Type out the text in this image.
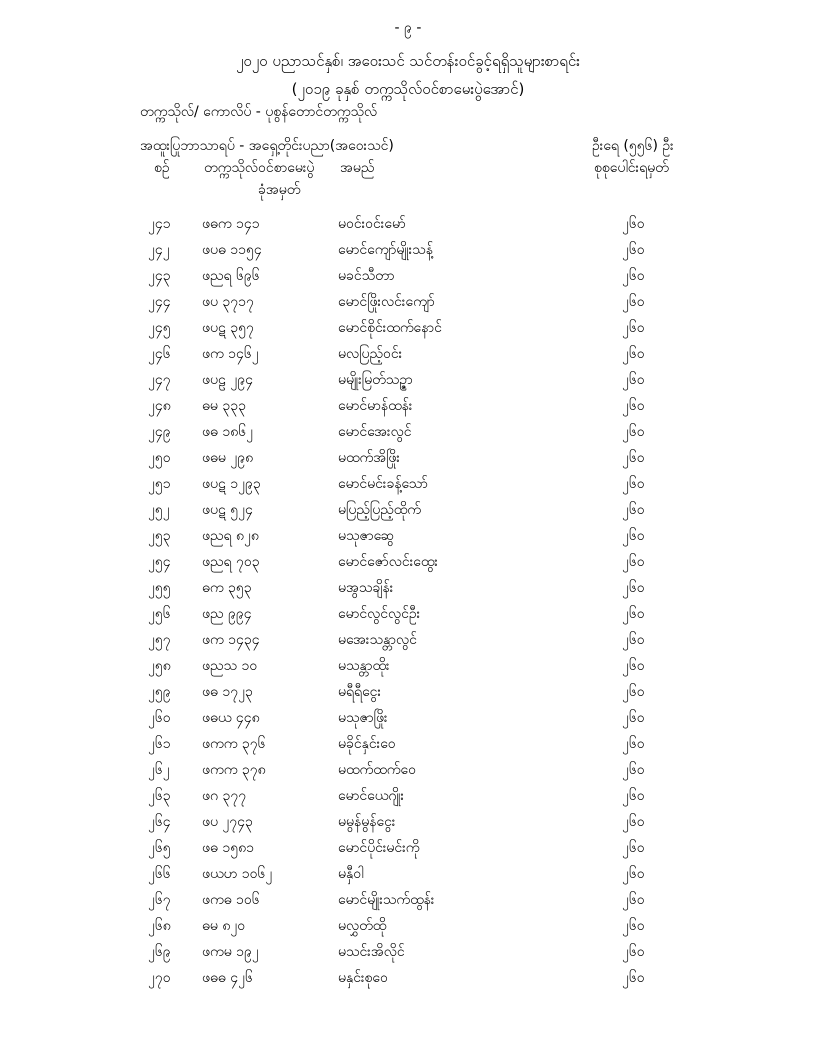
- ၉ -
၂၀၂၀ ပညာသင်နှစ်၊ အဝေးသင် သင်တန်းဝင်ခွင့်ရရှိသူများစာရင်း
(၂၀၁၉ ခုနှစ် တက္ကသိုလ်ဝင်စာမေးပွဲအောင်)
တက္ကသိုလ်/ ကောလိပ် - ပုစွန်တောင်တက္ကသိုလ်
အထူးပြုဘာသာရပ် - အရှေ့တိုင်းပညာ(အဝေးသင်)	ဦးရေ (၅၅၆) ဦး
စဉ် တက္ကသိုလ်ဝင်စာမေးပွဲ
ခုံအမှတ်
အမည်	စုစုပေါင်းရမှတ်
၂၄၁ ဖဓက ၁၄၁	မဝင်းဝင်းမော်	၂၆၀
၂၄၂ ဖပဓ ၁၁၅၄	မောင်ကျော်မျိုးသန့်	၂၆၀
၂၄၃ ဖညရ ၆၉၆	မခင်သီတာ	၂၆၀
၂၄၄ ဖပ ၃၇၁၇	မောင်ဖြိုးလင်းကျော်	၂၆၀
၂၄၅ ဖပဋ ၃၅၇	မောင်စိုင်းထက်နောင်	၂၆၀
၂၄၆ ဖက ၁၄၆၂	မလပြည့်ဝင်း	၂၆၀
၂၄၇ ဖပဠ ၂၉၄	မမျိုးမြတ်သဉ္ဇာ	၂၆၀
၂၄၈ ဓမ ၃၃၃	မောင်မာန်ထန်း	၂၆၀
၂၄၉ ဖဓ ၁၈၆၂	မောင်အေးလွင်	၂၆၀
၂၅၀ ဖဓမ ၂၉၈	မထက်အိဖြိုး	၂၆၀
၂၅၁ ဖပဋ ၁၂၉၃	မောင်မင်းခန့်သော်	၂၆၀
၂၅၂ ဖပဋ ၅၂၄	မပြည့်ပြည့်ထိုက်	၂၆၀
၂၅၃ ဖညရ ၈၂၈	မသုဇာဆွေ	၂၆၀
၂၅၄ ဖညရ ၇၀၃	မောင်ဇော်လင်းထွေး	၂၆၀
၂၅၅ ဓက ၃၅၃	မအွသချိန်း	၂၆၀
၂၅၆ ဖည ၉၉၄	မောင်လွင်လွင်ဦး	၂၆၀
၂၅၇ ဖက ၁၄၃၄	မအေးသန္တာလွင်	၂၆၀
၂၅၈ ဖညသ ၁၀	မသန္တာထိုး	၂၆၀
၂၅၉ ဖဓ ၁၇၂၃	မရီရီငွေး	၂၆၀
၂၆၀ ဖဓယ ၄၄၈	မသုဇာဖြိုး	၂၆၀
၂၆၁ ဖကက ၃၇၆	မခိုင်နှင်းဝေ	၂၆၀
၂၆၂ ဖကက ၃၇၈	မထက်ထက်ဝေ	၂၆၀
၂၆၃ ဖဂ ၃၇၇	မောင်ယေဂျိုး	၂၆၀
၂၆၄ ဖပ ၂၇၄၃	မမွန်မွန်ငွေး	၂၆၀
၂၆၅ ဖဓ ၁၅၈၁	မောင်ပိုင်းမင်းကို	၂၆၀
၂၆၆ ဖယဟ ၁၀၆၂	မနှီဝါ	၂၆၀
၂၆၇ ဖကဓ ၁၀၆	မောင်မျိုးသက်ထွန်း	၂၆၀
၂၆၈ ဓမ ၈၂၀	မလွှတ်ထို	၂၆၀
၂၆၉ ဖကမ ၁၉၂	မသင်းအိလိုင်	၂၆၀
၂၇၀ ဖဓဓ ၄၂၆	မနှင်းစုဝေ	၂၆၀
